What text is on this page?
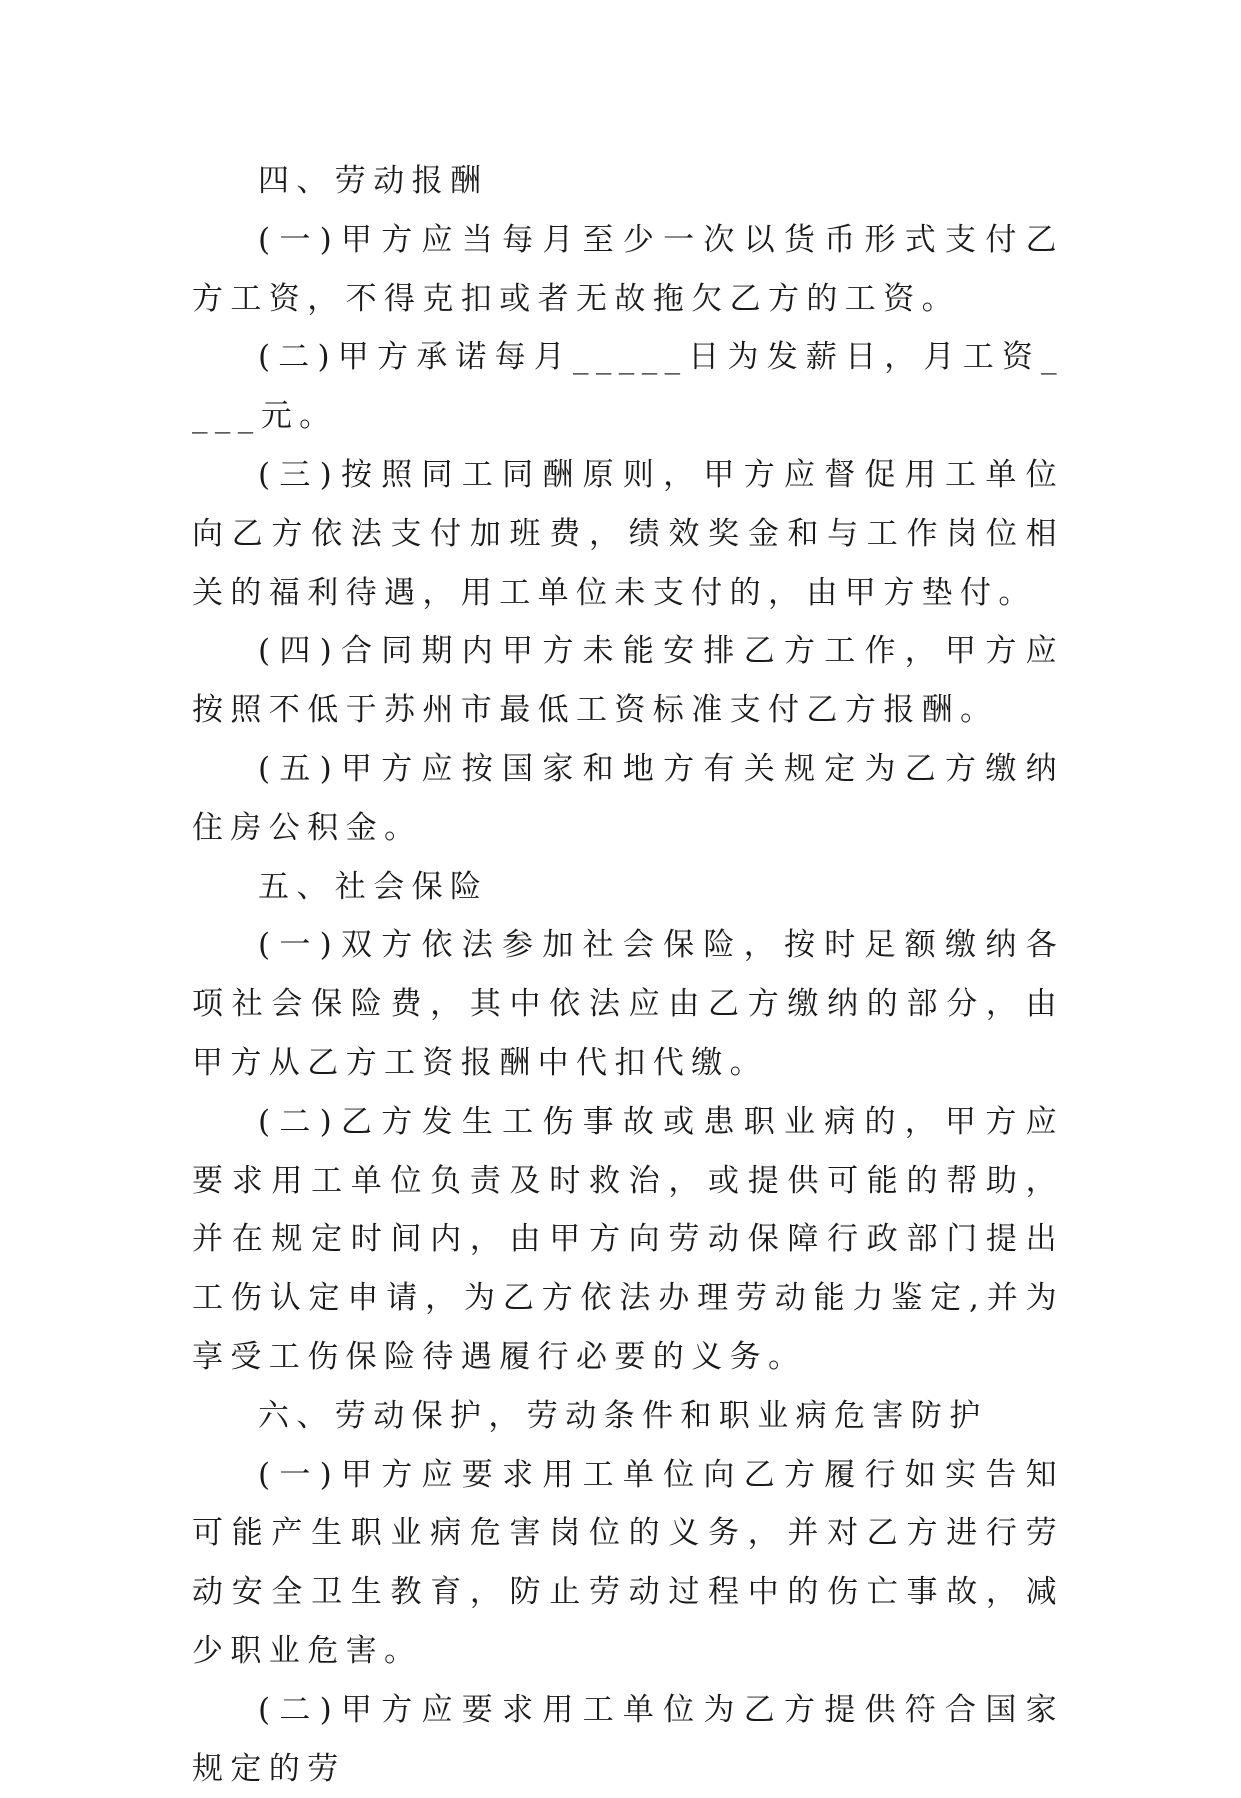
四、劳动报酬

(一)甲方应当每月至少一次以货币形式支付乙方工资，不得克扣或者无故拖欠乙方的工资。

(二)甲方承诺每月_____日为发薪日，月工资____元。

(三)按照同工同酬原则，甲方应督促用工单位向乙方依法支付加班费，绩效奖金和与工作岗位相关的福利待遇，用工单位未支付的，由甲方垫付。

(四)合同期内甲方未能安排乙方工作，甲方应按照不低于苏州市最低工资标准支付乙方报酬。

(五)甲方应按国家和地方有关规定为乙方缴纳住房公积金。

五、社会保险

(一)双方依法参加社会保险，按时足额缴纳各项社会保险费，其中依法应由乙方缴纳的部分，由甲方从乙方工资报酬中代扣代缴。

(二)乙方发生工伤事故或患职业病的，甲方应要求用工单位负责及时救治，或提供可能的帮助，并在规定时间内，由甲方向劳动保障行政部门提出工伤认定申请，为乙方依法办理劳动能力鉴定,并为享受工伤保险待遇履行必要的义务。

六、劳动保护，劳动条件和职业病危害防护

(一)甲方应要求用工单位向乙方履行如实告知可能产生职业病危害岗位的义务，并对乙方进行劳动安全卫生教育，防止劳动过程中的伤亡事故，减少职业危害。

(二)甲方应要求用工单位为乙方提供符合国家规定的劳
